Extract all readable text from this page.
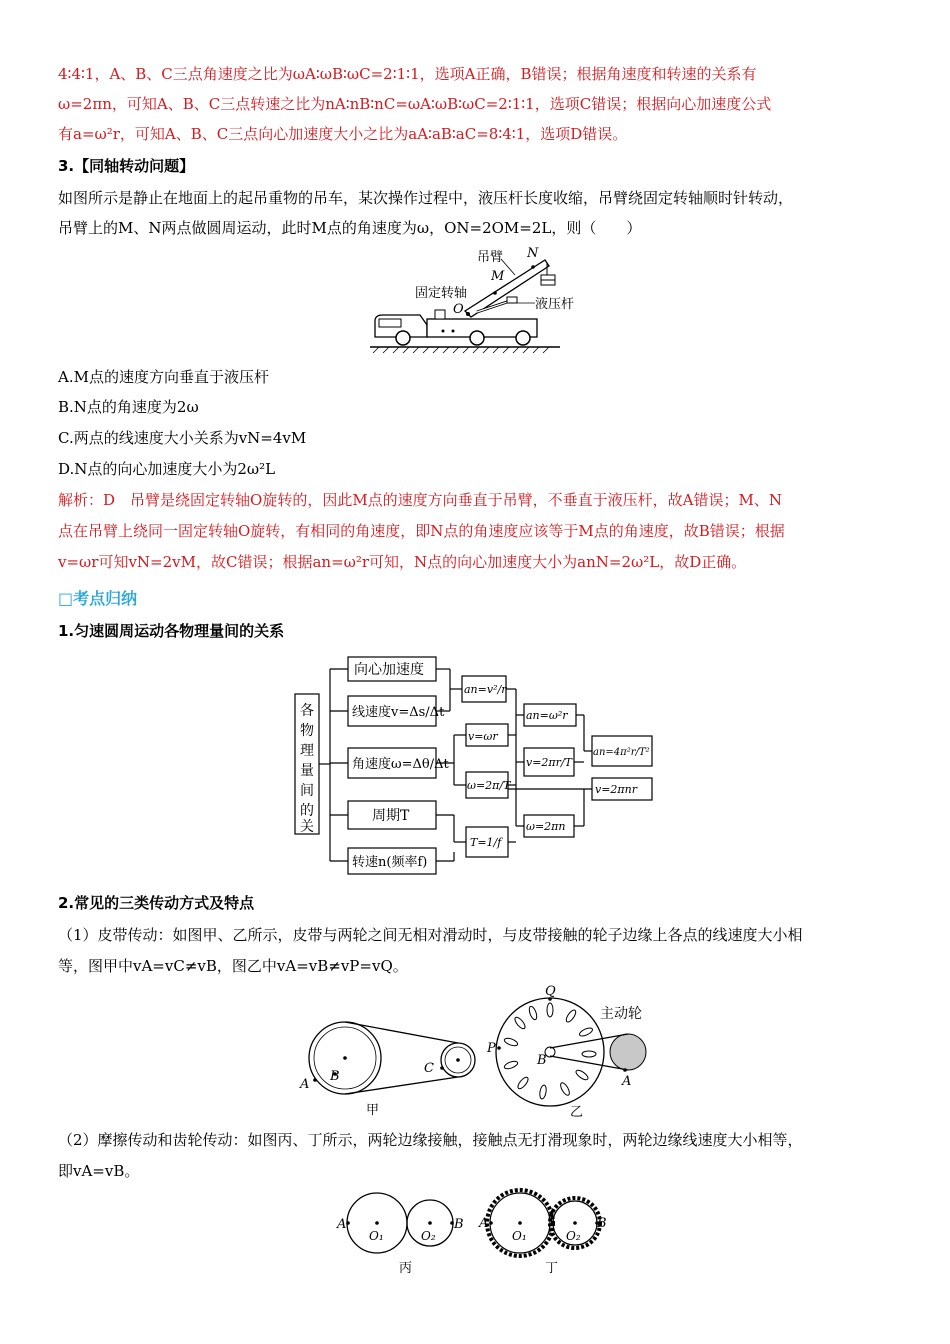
4∶4∶1，A、B、C三点角速度之比为ωA∶ωB∶ωC=2∶1∶1，选项A正确，B错误；根据角速度和转速的关系有
ω=2πn，可知A、B、C三点转速之比为nA∶nB∶nC=ωA∶ωB∶ωC=2∶1∶1，选项C错误；根据向心加速度公式
有a=ω²r，可知A、B、C三点向心加速度大小之比为aA∶aB∶aC=8∶4∶1，选项D错误。
3.【同轴转动问题】
如图所示是静止在地面上的起吊重物的吊车，某次操作过程中，液压杆长度收缩，吊臂绕固定转轴顺时针转动，
吊臂上的M、N两点做圆周运动，此时M点的角速度为ω，ON=2OM=2L，则（　　）
吊臂 N
M
固定转轴
O	液压杆
A.M点的速度方向垂直于液压杆
B.N点的角速度为2ω
C.两点的线速度大小关系为vN=4vM
D.N点的向心加速度大小为2ω²L
解析：D　吊臂是绕固定转轴O旋转的，因此M点的速度方向垂直于吊臂，不垂直于液压杆，故A错误；M、N
点在吊臂上绕同一固定转轴O旋转，有相同的角速度，即N点的角速度应该等于M点的角速度，故B错误；根据
v=ωr可知vN=2vM，故C错误；根据an=ω²r可知，N点的向心加速度大小为anN=2ω²L，故D正确。
□考点归纳
1.匀速圆周运动各物理量间的关系
各
物
理
量
间
的
关
向心加速度
线速度v=Δs/Δt
角速度ω=Δθ/Δt
周期T
转速n(频率f)
an=v²/r
v=ωr
ω=2π/T
T=1/f
an=ω²r
v=2πr/T
ω=2πn
an=4π²r/T²
v=2πnr
2.常见的三类传动方式及特点
（1）皮带传动：如图甲、乙所示，皮带与两轮之间无相对滑动时，与皮带接触的轮子边缘上各点的线速度大小相
等，图甲中vA=vC≠vB，图乙中vA=vB≠vP=vQ。
A
B
C
甲
Q
P
B
A
主动轮
乙
（2）摩擦传动和齿轮传动：如图丙、丁所示，两轮边缘接触，接触点无打滑现象时，两轮边缘线速度大小相等，
即vA=vB。
A	B
O₁	O₂
丙
A	B
O₁	O₂
丁
